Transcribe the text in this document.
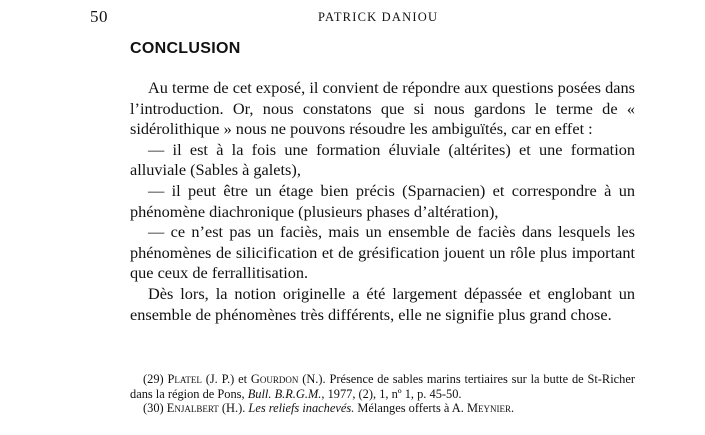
50	PATRICK DANIOU
CONCLUSION

Au terme de cet exposé, il convient de répondre aux questions posées dans l’introduction. Or, nous constatons que si nous gardons le terme de « sidérolithique » nous ne pouvons résoudre les ambiguïtés, car en effet :

— il est à la fois une formation éluviale (altérites) et une formation alluviale (Sables à galets),

— il peut être un étage bien précis (Sparnacien) et correspondre à un phénomène diachronique (plusieurs phases d’altération),

— ce n’est pas un faciès, mais un ensemble de faciès dans lesquels les phénomènes de silicification et de grésification jouent un rôle plus important que ceux de ferrallitisation.

Dès lors, la notion originelle a été largement dépassée et englobant un ensemble de phénomènes très différents, elle ne signifie plus grand chose.

(29) Platel (J. P.) et Gourdon (N.). Présence de sables marins tertiaires sur la butte de St-Richer dans la région de Pons, Bull. B.R.G.M., 1977, (2), 1, nº 1, p. 45-50.

(30) Enjalbert (H.). Les reliefs inachevés. Mélanges offerts à A. Meynier.
